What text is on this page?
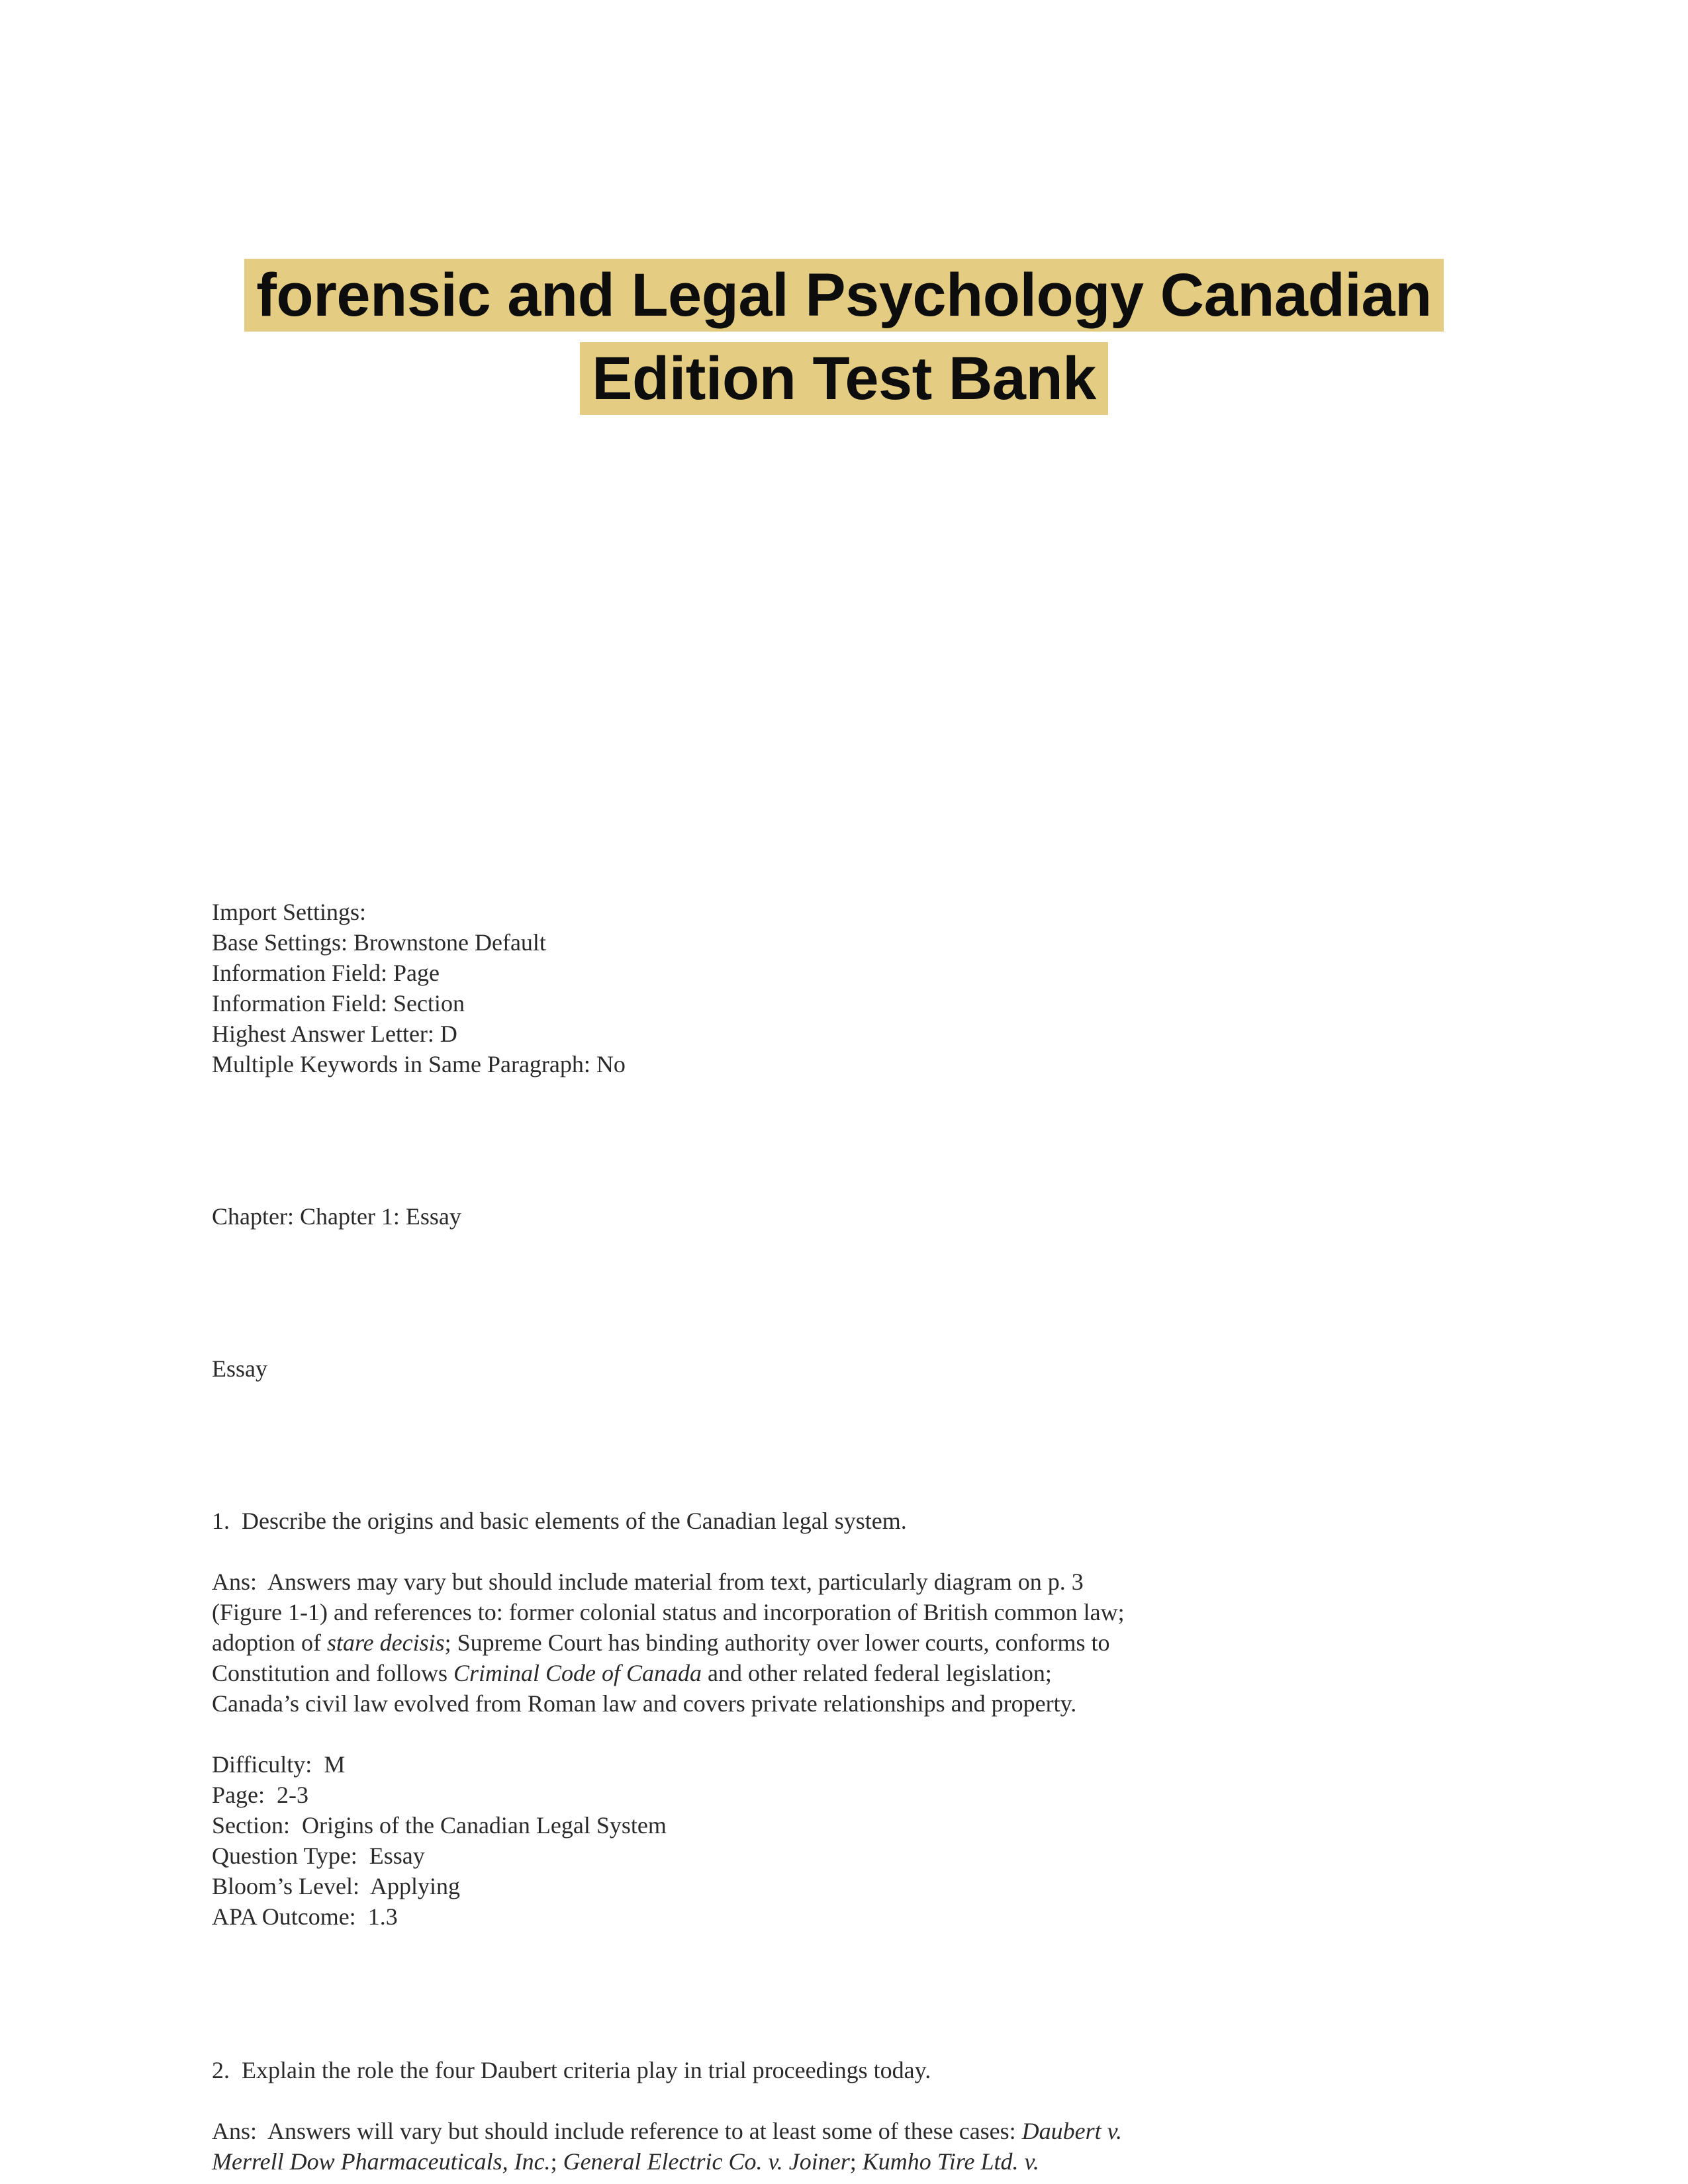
forensic and Legal Psychology Canadian
Edition Test Bank
Import Settings:
Base Settings: Brownstone Default
Information Field: Page
Information Field: Section
Highest Answer Letter: D
Multiple Keywords in Same Paragraph: No
Chapter: Chapter 1: Essay
Essay
1.  Describe the origins and basic elements of the Canadian legal system.
Ans:  Answers may vary but should include material from text, particularly diagram on p. 3
(Figure 1-1) and references to: former colonial status and incorporation of British common law;
adoption of stare decisis; Supreme Court has binding authority over lower courts, conforms to
Constitution and follows Criminal Code of Canada and other related federal legislation;
Canada’s civil law evolved from Roman law and covers private relationships and property.
Difficulty:  M
Page:  2-3
Section:  Origins of the Canadian Legal System
Question Type:  Essay
Bloom’s Level:  Applying
APA Outcome:  1.3
2.  Explain the role the four Daubert criteria play in trial proceedings today.
Ans:  Answers will vary but should include reference to at least some of these cases: Daubert v.
Merrell Dow Pharmaceuticals, Inc.; General Electric Co. v. Joiner; Kumho Tire Ltd. v.
